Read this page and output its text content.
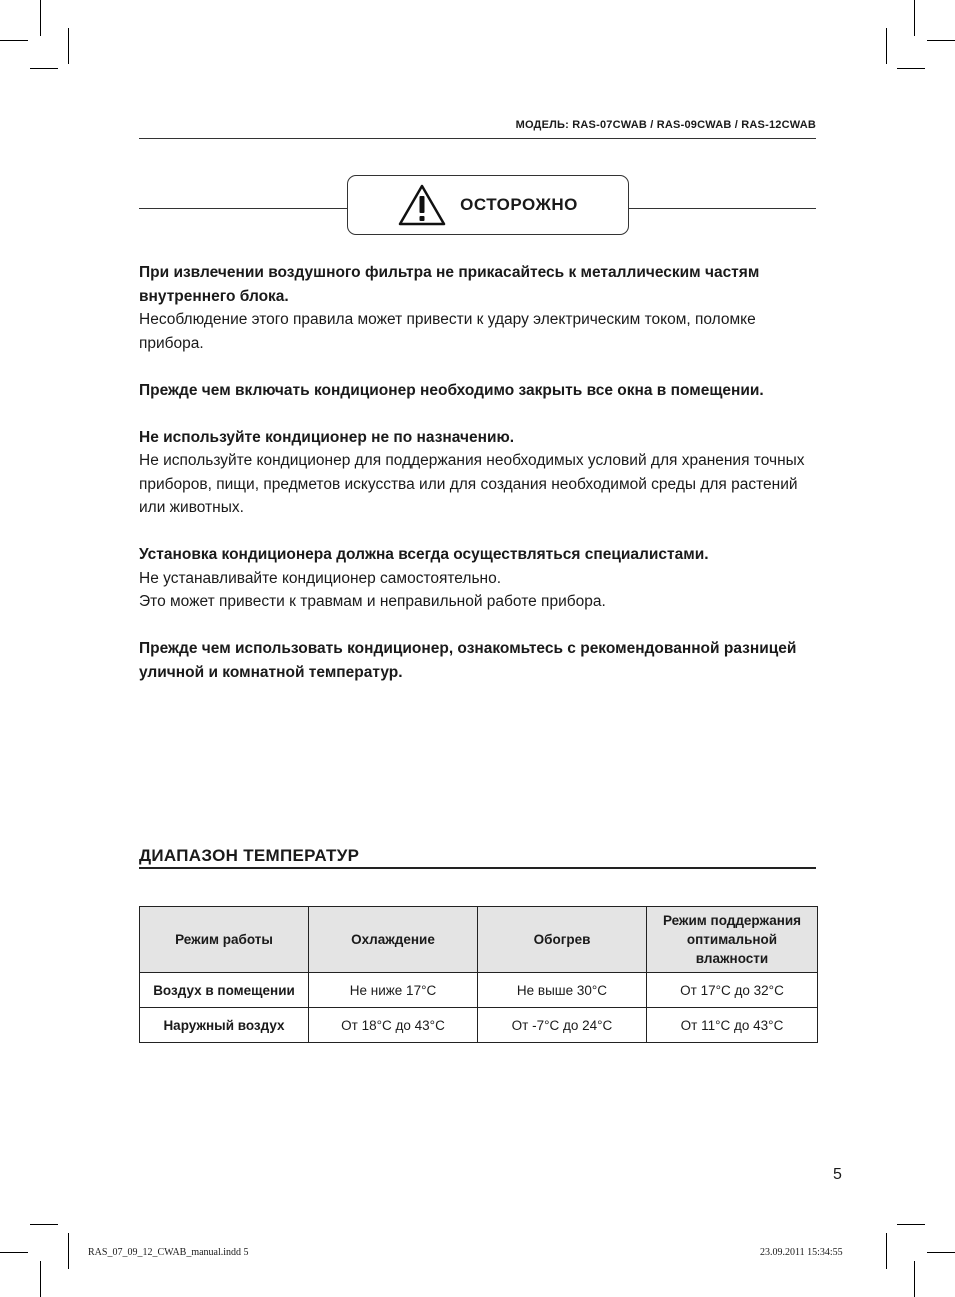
МОДЕЛЬ: RAS-07CWAB / RAS-09CWAB / RAS-12CWAB
ОСТОРОЖНО
При извлечении воздушного фильтра не прикасайтесь к металлическим частям внутреннего блока.
Несоблюдение этого правила может привести к удару электрическим током, поломке прибора.
Прежде чем включать кондиционер необходимо закрыть все окна в помещении.
Не используйте кондиционер не по назначению.
Не используйте кондиционер для поддержания необходимых условий для хранения точных приборов, пищи, предметов искусства или для создания необходимой среды для растений или животных.
Установка кондиционера должна всегда осуществляться специалистами.
Не устанавливайте кондиционер самостоятельно.
Это может привести к травмам и неправильной работе прибора.
Прежде чем использовать кондиционер, ознакомьтесь с рекомендованной разницей уличной и комнатной температур.
ДИАПАЗОН ТЕМПЕРАТУР
Режим работы	Охлаждение	Обогрев	Режим поддержания оптимальной влажности
Воздух в помещении	Не ниже 17°C	Не выше 30°C	От 17°C до 32°C
Наружный воздух	От 18°C до 43°C	От -7°C до 24°C	От 11°C до 43°C
5
RAS_07_09_12_CWAB_manual.indd 5	23.09.2011 15:34:55
